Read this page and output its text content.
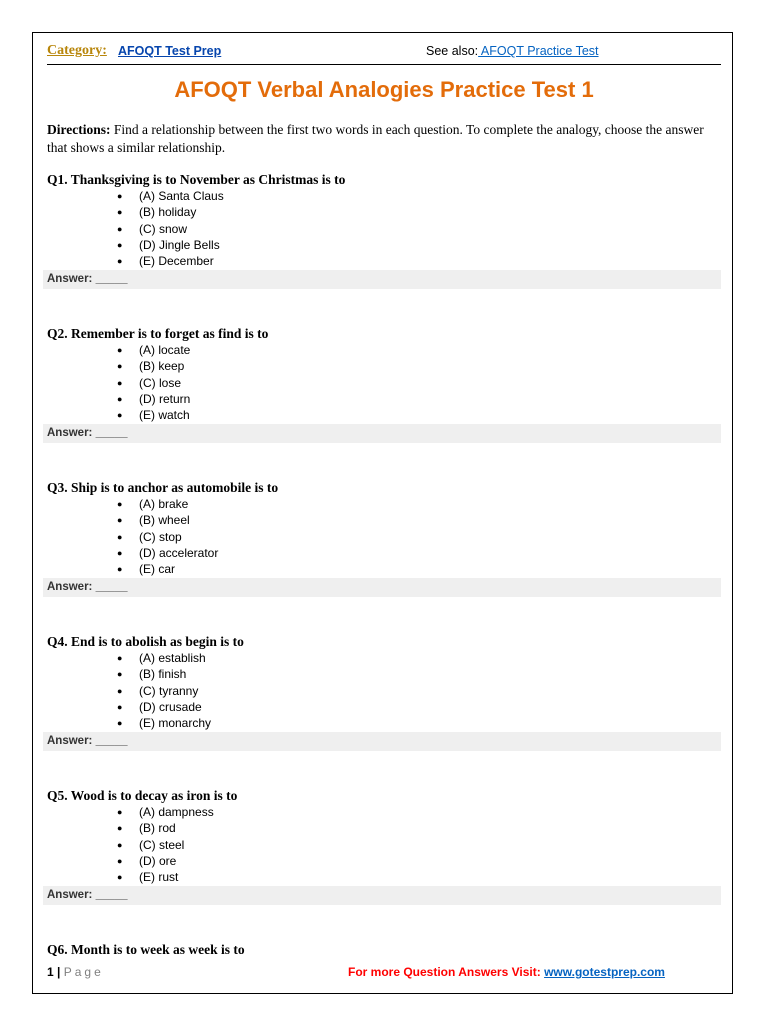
Category: AFOQT Test Prep	See also: AFOQT Practice Test
AFOQT Verbal Analogies Practice Test 1
Directions: Find a relationship between the first two words in each question. To complete the analogy, choose the answer that shows a similar relationship.

Q1. Thanksgiving is to November as Christmas is to

● (A) Santa Claus
● (B) holiday
● (C) snow
● (D) Jingle Bells
● (E) December
Answer: _____

Q2. Remember is to forget as find is to

● (A) locate
● (B) keep
● (C) lose
● (D) return
● (E) watch
Answer: _____

Q3. Ship is to anchor as automobile is to

● (A) brake
● (B) wheel
● (C) stop
● (D) accelerator
● (E) car
Answer: _____

Q4. End is to abolish as begin is to

● (A) establish
● (B) finish
● (C) tyranny
● (D) crusade
● (E) monarchy
Answer: _____

Q5. Wood is to decay as iron is to

● (A) dampness
● (B) rod
● (C) steel
● (D) ore
● (E) rust
Answer: _____

Q6. Month is to week as week is to

1 | Page	For more Question Answers Visit: www.gotestprep.com
